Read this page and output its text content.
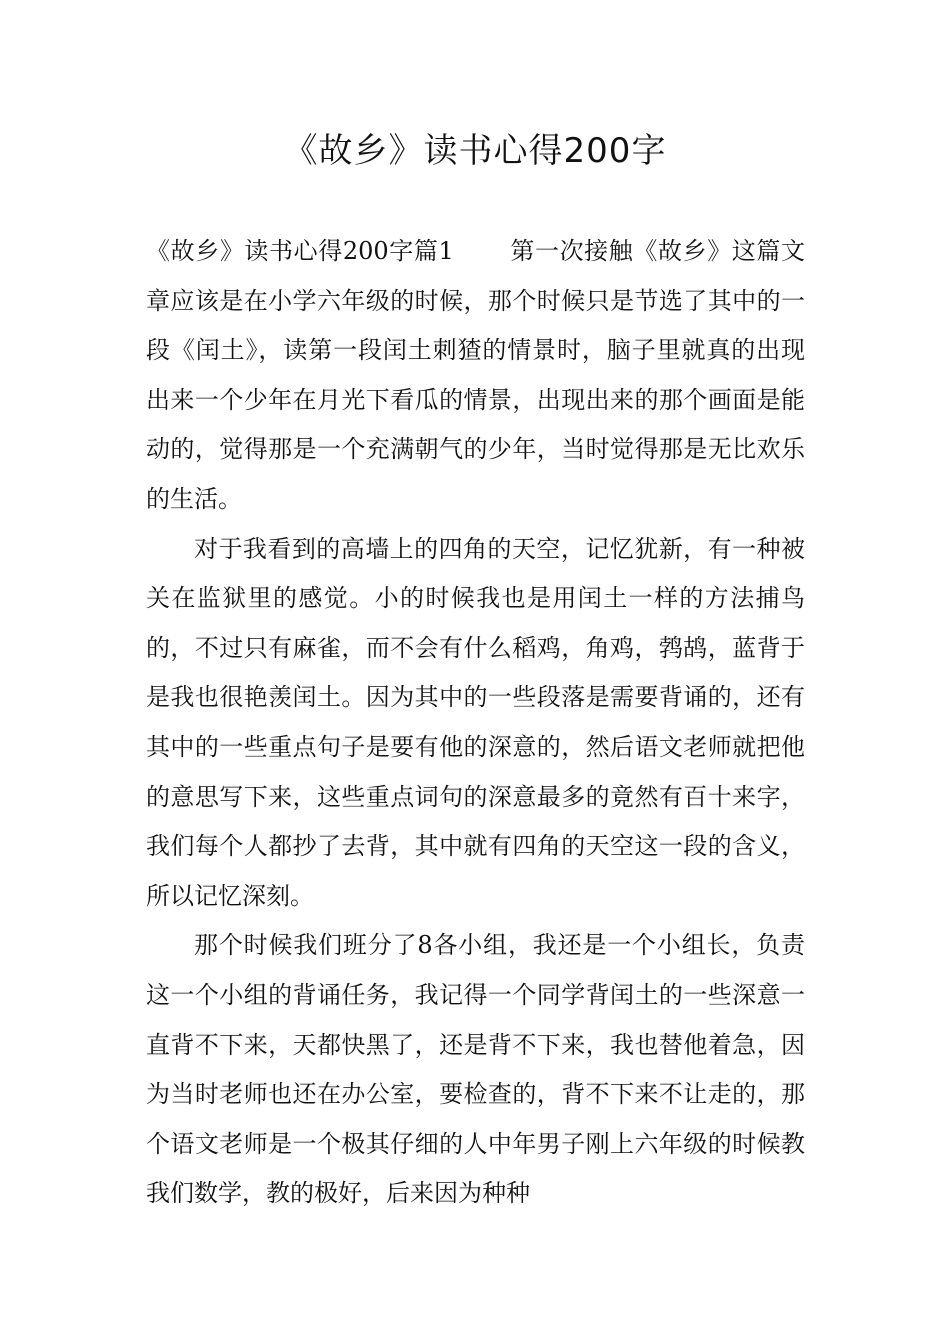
《故乡》读书心得200字

《故乡》读书心得200字篇1 第一次接触《故乡》这篇文章应该是在小学六年级的时候，那个时候只是节选了其中的一段《闰土》，读第一段闰土刺猹的情景时，脑子里就真的出现出来一个少年在月光下看瓜的情景，出现出来的那个画面是能动的，觉得那是一个充满朝气的少年，当时觉得那是无比欢乐的生活。

对于我看到的高墙上的四角的天空，记忆犹新，有一种被关在监狱里的感觉。小的时候我也是用闰土一样的方法捕鸟的，不过只有麻雀，而不会有什么稻鸡，角鸡，鹁鸪，蓝背于是我也很艳羡闰土。因为其中的一些段落是需要背诵的，还有其中的一些重点句子是要有他的深意的，然后语文老师就把他的意思写下来，这些重点词句的深意最多的竟然有百十来字，我们每个人都抄了去背，其中就有四角的天空这一段的含义，所以记忆深刻。

那个时候我们班分了8各小组，我还是一个小组长，负责这一个小组的背诵任务，我记得一个同学背闰土的一些深意一直背不下来，天都快黑了，还是背不下来，我也替他着急，因为当时老师也还在办公室，要检查的，背不下来不让走的，那个语文老师是一个极其仔细的人中年男子刚上六年级的时候教我们数学，教的极好，后来因为种种
